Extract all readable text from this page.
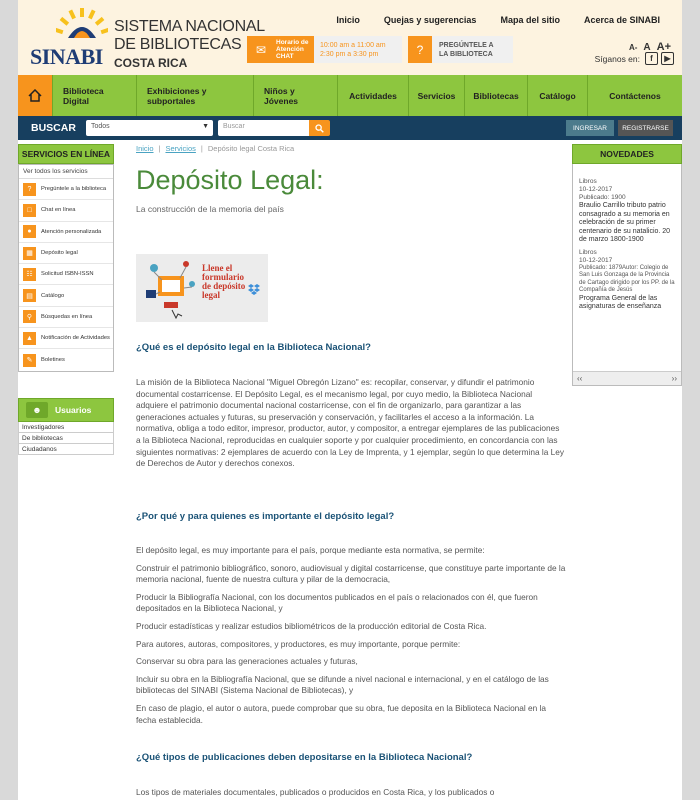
SINABI
SISTEMA NACIONAL
DE BIBLIOTECAS
COSTA RICA
Inicio	Quejas y sugerencias	Mapa del sitio	Acerca de SINABI
✉	Horario de Atención CHAT
10:00 am a 11:00 am
2:30 pm a 3:30 pm	?	PREGÚNTELE A
LA BIBLIOTECA
A- A A+
Síganos en:	f	▶
Biblioteca Digital
Exhibiciones y subportales
Niños y Jóvenes	Actividades	Servicios	Bibliotecas	Catálogo	Contáctenos
BUSCAR	Todos	▼	Buscar	INGRESAR	REGISTRARSE
SERVICIOS EN LÍNEA
Ver todos los servicios
?	Pregúntele a la biblioteca
□	Chat en línea
●	Atención personalizada
▦	Depósito legal
☷	Solicitud ISBN-ISSN
▤	Catálogo
⚲	Búsquedas en línea
▲	Notificación de Actividades
✎	Boletines
☻	Usuarios
Investigadores
De bibliotecas
Ciudadanos
NOVEDADES
Libros
10-12-2017
Publicado: 1900
Braulio Carrillo tributo patrio consagrado a su memoria en celebración de su primer centenario de su natalicio. 20 de marzo 1800-1900
Libros
10-12-2017
Publicado: 1879Autor: Colegio de San Luis Gonzaga de la Provincia de Cartago dirigido por los PP. de la Compañía de Jesús
Programa General de las asignaturas de enseñanza
‹‹	››
Inicio | Servicios | Depósito legal Costa Rica
Depósito Legal:
La construcción de la memoria del país
Llene el
formulario
de depósito
legal
¿Qué es el depósito legal en la Biblioteca Nacional?

La misión de la Biblioteca Nacional "Miguel Obregón Lizano" es: recopilar, conservar, y difundir el patrimonio documental costarricense. El Depósito Legal, es el mecanismo legal, por cuyo medio, la Biblioteca Nacional adquiere el patrimonio documental nacional costarricense, con el fin de organizarlo, para garantizar a las generaciones actuales y futuras, su preservación y conservación, y facilitarles el acceso a la información. La normativa, obliga a todo editor, impresor, productor, autor, y compositor, a entregar ejemplares de las publicaciones a la Biblioteca Nacional, reproducidas en cualquier soporte y por cualquier procedimiento, en concordancia con las siguientes normativas: 2 ejemplares de acuerdo con la Ley de Imprenta, y 1 ejemplar, según lo que determina la Ley de Derechos de Autor y derechos conexos.

¿Por qué y para quienes es importante el depósito legal?

El depósito legal, es muy importante para el país, porque mediante esta normativa, se permite:

Construir el patrimonio bibliográfico, sonoro, audiovisual y digital costarricense, que constituye parte importante de la memoria nacional, fuente de nuestra cultura y pilar de la democracia,

Producir la Bibliografía Nacional, con los documentos publicados en el país o relacionados con él, que fueron depositados en la Biblioteca Nacional, y

Producir estadísticas y realizar estudios bibliométricos de la producción editorial de Costa Rica.

Para autores, autoras, compositores, y productores, es muy importante, porque permite:

Conservar su obra para las generaciones actuales y futuras,

Incluir su obra en la Bibliografía Nacional, que se difunde a nivel nacional e internacional, y en el catálogo de las bibliotecas del SINABI (Sistema Nacional de Bibliotecas), y

En caso de plagio, el autor o autora, puede comprobar que su obra, fue deposita en la Biblioteca Nacional en la fecha establecida.

¿Qué tipos de publicaciones deben depositarse en la Biblioteca Nacional?

Los tipos de materiales documentales, publicados o producidos en Costa Rica, y los publicados o
